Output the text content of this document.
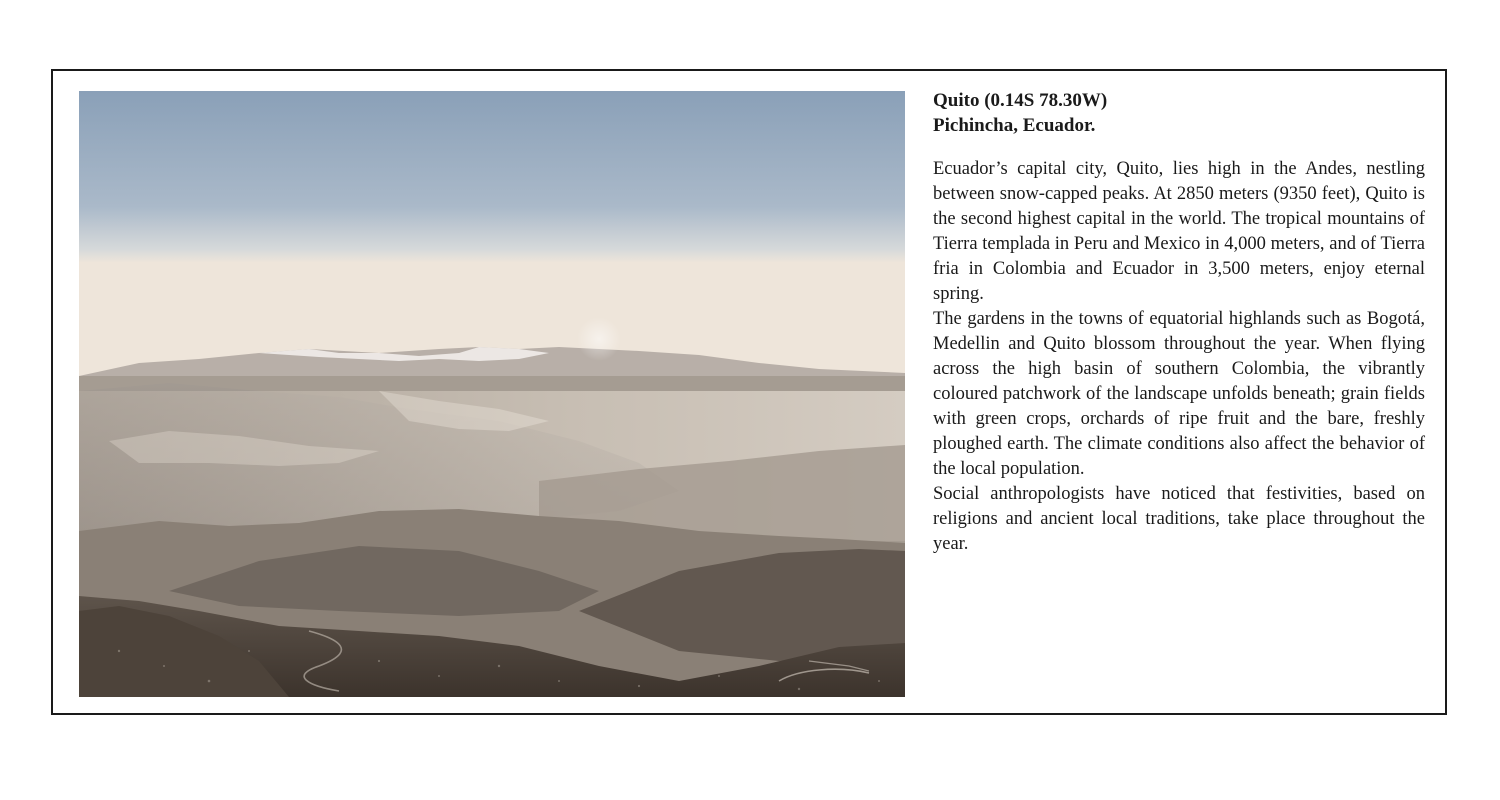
Quito (0.14S 78.30W)
Pichincha, Ecuador.

Ecuador’s capital city, Quito, lies high in the Andes, nestling between snow-capped peaks. At 2850 meters (9350 feet), Quito is the second highest capital in the world. The tropical mountains of Tierra templada in Peru and Mexico in 4,000 meters, and of Tierra fria in Colombia and Ecuador in 3,500 meters, enjoy eternal spring.

The gardens in the towns of equatorial highlands such as Bogotá, Medellin and Quito blossom throughout the year. When flying across the high basin of southern Colombia, the vibrantly coloured patchwork of the landscape unfolds beneath; grain fields with green crops, orchards of ripe fruit and the bare, freshly ploughed earth. The climate conditions also affect the behavior of the local population.

Social anthropologists have noticed that festivities, based on religions and ancient local traditions, take place throughout the year.
